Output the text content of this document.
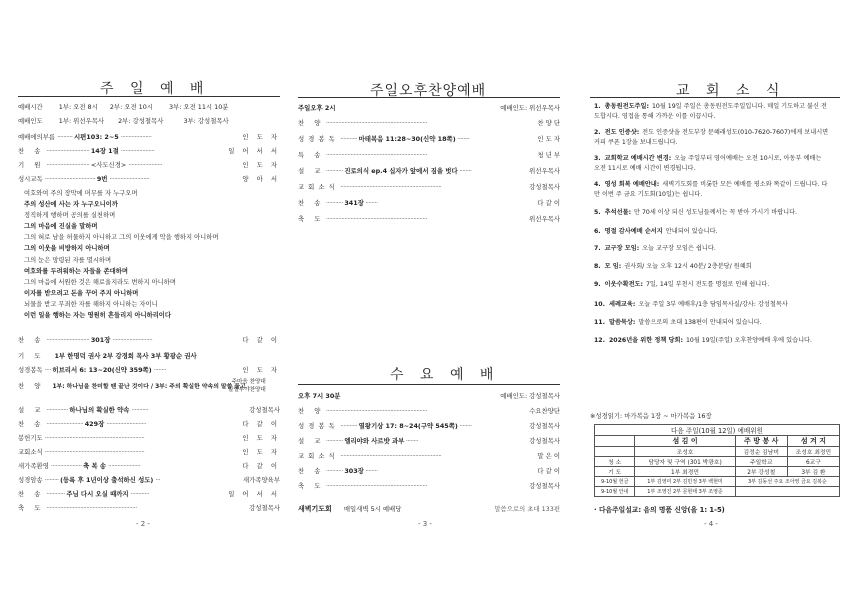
주 일 예 배
예배시간	1부: 오전 8시 2부: 오전 10시	3부: 오전 11시 10분
예배인도	1부: 위선우목사 2부: 강성철목사	3부: 강성철목사
예배에의부름 ·········· 시편103: 2~5 ····················	인 도 자
찬 송 ···························· 14장 1절 ······················	일 어 서 서
기 원 ···························· <사도신경> ······················	인 도 자
성시교독 ································· 9번 ··························	양 아 서
여호와여 주의 장막에 머무를 자 누구오며
주의 성산에 사는 자 누구오니이까
정직하게 행하며 공의를 실천하며
그의 마음에 진실을 말하며
그의 혀로 남을 허물하지 아니하고 그의 이웃에게 악을 행하지 아니하며
그의 이웃을 비방하지 아니하며
그의 눈은 망령된 자를 멸시하며
여호와를 두려워하는 자들을 존대하며
그의 마음에 서원한 것은 해로울지라도 변하지 아니하며
이자를 받으려고 돈을 꾸어 주지 아니하며
뇌물을 받고 무죄한 자를 해하지 아니하는 자이니
이런 일을 행하는 자는 영원히 흔들리지 아니하리이다
찬 송 ···························· 301장 ··························	다 같 이
기 도 1부 한명덕 권사 2부 강경희 목사 3부 황광순 권사
성경봉독 ···· 히브리서 6: 13~20(신약 359쪽) ········	인 도 자
찬 양 1부: 하나님을 찬미할 땐 끝난 것이다 / 3부: 주의 확실한 약속의 말씀 들고
주마음 찬양대
할렐루야찬양대
설 교 ·············· 하나님의 확실한 약속 ···········	강성철목사
찬 송 ························ 429장 ··························	다 같 이
봉헌기도 ·································································	인 도 자
교회소식 ·································································	인 도 자
새가족환영 ···················· 축 복 송 ·····················	다 같 이
성경암송 ········· (등록 후 1년이상 출석하신 성도) ···	새가족양육부
찬 송 ············ 주님 다시 오실 때까지 ············	일 어 서 서
축 도 ···························································	강성철목사
- 2 -
주일오후찬양예배
주일오후 2시	예배인도: 위선우목사
찬 양 ··································································	찬 양 단
성경봉독 ··········· 마태복음 11:28~30(신약 18쪽) ········	인 도 자
특 송 ··································································	청 년 부
설 교 ··········· 진로의식 ep.4 십자가 앞에서 짐을 벗다 ········	위선우목사
교회소식 ··································································	강성철목사
찬 송 ··········· 341장 ········	다 같 이
축 도 ··································································	위선우목사
수 요 예 배
오후 7시 30분	예배인도: 강성철목사
찬 양 ··································································	수요찬양단
성경봉독 ··········· 열왕기상 17: 8~24(구약 545쪽) ········	강성철목사
설 교 ··········· 엘리야와 사르밧 과부 ········	강성철목사
교회소식 ··································································	말 은 이
찬 송 ··········· 303장 ········	다 같 이
축 도 ··································································	강성철목사
새벽기도회 매일새벽 5시 예배당	말씀으로의 초대 133편
- 3 -
교 회 소 식
1. 총동원전도주일: 10월 19일 주일은 총동원전도주일입니다. 매일 기도하고 불신 전도합시다. 영접을 통해 가까운 이를 이끕시다.
2. 전도 인증샷: 전도 인증샷을 전도부장 문혜래성도(010-7620-7607)에게 보내시면 커피 쿠폰 1장을 보내드립니다.
3. 교회학교 예배시간 변경: 오늘 주일부터 영어예배는 오전 10시로, 아동부 예배는 오전 11시로 예배 시간이 변경됩니다.
4. 영성 회복 예배안내: 새벽기도회를 비롯한 모든 예배를 평소와 똑같이 드립니다. 다만 이번 주 금요 기도회(10일)는 쉽니다.
5. 추석선물: 만 70세 이상 되신 성도님들께서는 꼭 받아 가시기 바랍니다.
6. 명절 감사예배 순서지 안내되어 있습니다.
7. 교구장 모임: 오늘 교구장 모임은 쉽니다.
8. 모 임: 권사회/ 오늘 오후 12시 40분/ 2층분당/ 원혜희
9. 이웃수확전도: 7일, 14일 부천시 전도를 명절로 인해 쉽니다.
10. 세례교육: 오늘 주일 3부 예배후/1층 담임목사실/강사: 강성철목사
11. 말씀묵상: 말씀으로의 초대 138편이 안내되어 있습니다.
12. 2026년을 위한 정책 당회: 10월 19일(주일) 오후찬양예배 후에 있습니다.
※성경읽기: 마가복음 1장 ~ 마가복음 16장
다음 주일(10월 12일) 예배위원			
	섬 김 이	주 방 봉 사	섬 겨 지
	조성호	김정순 김남미	조성호 최정민
청 소	담당자 및 구역 (301 박광호)	주일학교	6교구
기 도	1부 최경민	2부 강성철	3부 김 환
9-10월 헌금	1부 김영미 2부 김민정 3부 백현미	3부 김동선 주요 조아영 금요 김복순	
9-10월 안내	1부 조영진 2부 문현태 3부 조영준		
· 다음주일설교: 음의 명품 신앙(을 1: 1-5)
- 4 -
